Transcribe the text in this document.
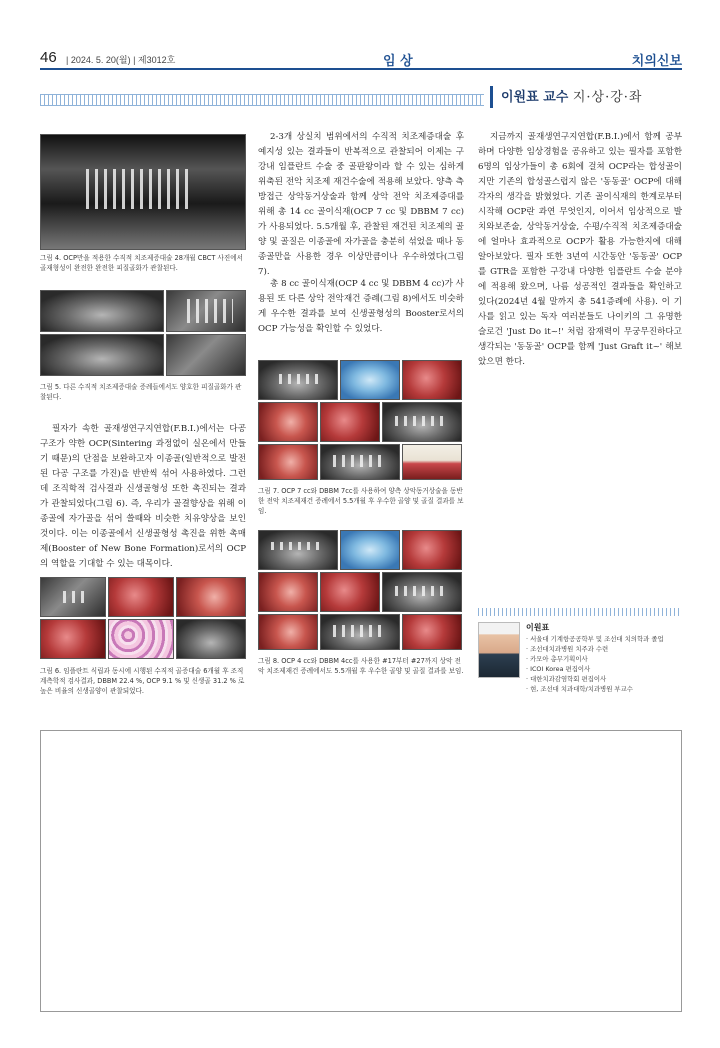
46 | 2024. 5. 20(월) | 제3012호	임 상	치의신보
이원표 교수 지·상·강·좌
그림 4. OCP만을 적용한 수직적 치조제증대술 28개월 CBCT 사진에서 골재형성이 완전한 완전한 피질골화가 관찰된다.
그림 5. 다른 수직적 치조제증대술 증례들에서도 양호한 피질골화가 관찰된다.
필자가 속한 골재생연구지연합(F.B.I.)에서는 다공구조가 약한 OCP(Sintering 과정없이 실온에서 만들기 때문)의 단점을 보완하고자 이종골(일반적으로 발전된 다공 구조를 가진)을 반반씩 섞어 사용하였다. 그런데 조직학적 검사결과 신생골형성 또한 촉진되는 결과가 관찰되었다(그림 6). 즉, 우리가 골결향상을 위해 이종골에 자가골을 섞어 쓸때와 비슷한 치유양상을 보인 것이다. 이는 이종골에서 신생골형성 촉진을 위한 촉매제(Booster of New Bone Formation)로서의 OCP의 역할을 기대할 수 있는 대목이다.
그림 6. 임플란트 식립과 동시에 시행된 수직적 골증대술 6개월 후 조직계측학적 검사결과, DBBM 22.4 %, OCP 9.1 % 및 신생골 31.2 % 로 높은 비율의 신생골양이 관찰되었다.
2-3개 상실치 범위에서의 수직적 치조제증대술 후 예지성 있는 결과들이 반복적으로 관찰되어 이제는 구강내 임플란트 수술 중 골판왕이라 할 수 있는 심하게 위축된 전악 치조제 재건수술에 적용해 보았다. 양측 측방접근 상악동거상술과 함께 상악 전악 치조제증대를 위해 총 14 cc 골이식재(OCP 7 cc 및 DBBM 7 cc)가 사용되었다. 5.5개월 후, 관찰된 재건된 치조제의 골양 및 골질은 이종골에 자가골을 충분히 섞었을 때나 동종골만을 사용한 경우 이상만큼이나 우수하였다(그림 7).
총 8 cc 골이식재(OCP 4 cc 및 DBBM 4 cc)가 사용된 또 다른 상악 전악재건 증례(그림 8)에서도 비슷하게 우수한 결과를 보여 신생골형성의 Booster로서의 OCP 가능성을 확인할 수 있었다.
그림 7. OCP 7 cc와 DBBM 7cc를 사용하여 양측 상악동거상술을 동반한 전악 치조제재건 증례에서 5.5개월 후 우수한 골양 및 골질 결과를 보임.
그림 8. OCP 4 cc와 DBBM 4cc를 사용한 #17부터 #27까지 상악 전악 치조제재건 증례에서도 5.5개월 후 우수한 골양 및 골질 결과를 보임.
지금까지 골재생연구지연합(F.B.I.)에서 함께 공부하며 다양한 임상경험을 공유하고 있는 필자를 포함한 6명의 임상가들이 총 6회에 걸쳐 OCP라는 합성골이지만 기존의 합성골스럽지 않은 '동동골' OCP에 대해 각자의 생각을 밝혔었다. 기존 골이식재의 한계로부터 시작해 OCP란 과연 무엇인지, 이어서 임상적으로 발치와보존술, 상악동거상술, 수평/수직적 치조제증대술에 얼마나 효과적으로 OCP가 활용 가능한지에 대해 알아보았다. 필자 또한 3년여 시간동안 '동동골' OCP를 GTR을 포함한 구강내 다양한 임플란트 수술 분야에 적용해 왔으며, 나름 성공적인 결과들을 확인하고 있다(2024년 4월 말까지 총 541증례에 사용). 이 기사를 읽고 있는 독자 여러분들도 나이키의 그 유명한 슬로건 'Just Do it~!' 처럼 잠재력이 무궁무진하다고 생각되는 '동동골' OCP를 함께 'Just Graft it~' 해보았으면 한다.
이원표
· 서울대 기계항공공학부 및 조선대 치의학과 졸업
· 조선대치과병원 치주과 수련
· 카모아 총무기획이사
· ICOI Korea 편집이사
· 대한치과감염학회 편집이사
· 현, 조선대 치과대학/치과병원 부교수
